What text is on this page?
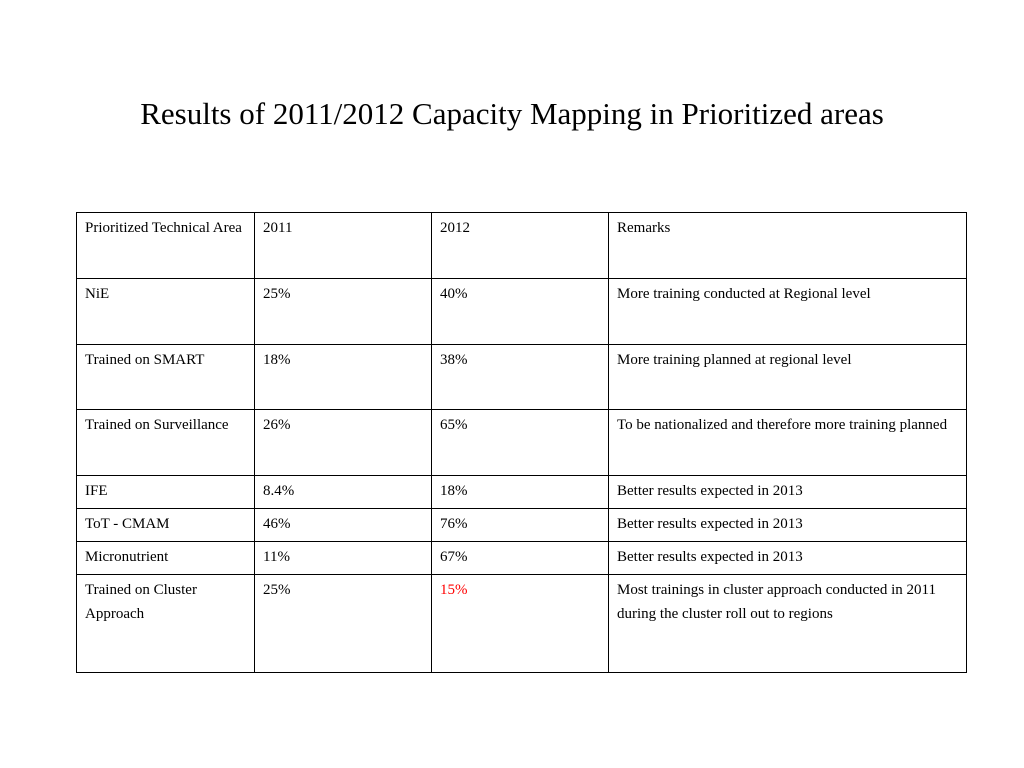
Results of 2011/2012 Capacity Mapping in Prioritized areas
Prioritized Technical Area	2011	2012	Remarks
NiE	25%	40%	More training conducted at Regional level
Trained on SMART	18%	38%	More training planned at regional level
Trained on Surveillance	26%	65%	To be nationalized and therefore more training planned
IFE	8.4%	18%	Better results expected in 2013
ToT - CMAM	46%	76%	Better results expected in 2013
Micronutrient	11%	67%	Better results expected in 2013
Trained on Cluster Approach	25%	15%	Most trainings in cluster approach conducted in 2011 during the cluster roll out to regions
